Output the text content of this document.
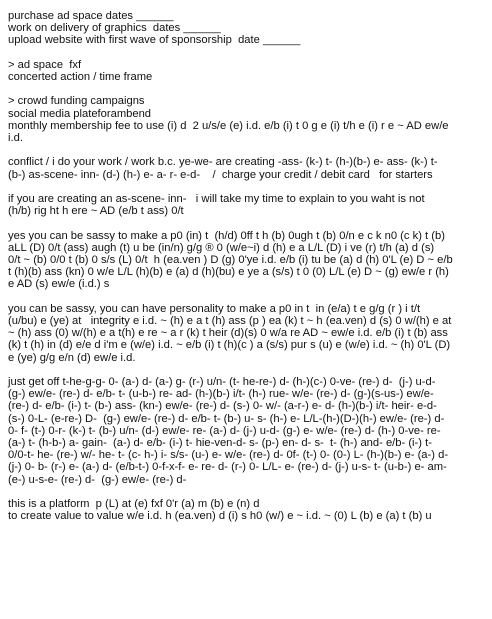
purchase ad space dates ______
work on delivery of graphics  dates ______
upload website with first wave of sponsorship  date ______
> ad space  fxf
concerted action / time frame
> crowd funding campaigns
social media plateforambend
monthly membership fee to use (i) d  2 u/s/e (e) i.d. e/b (i) t 0 g e (i) t/h e (i) r e ~ AD ew/e
i.d.
conflict / i do your work / work b.c. ye-we- are creating -ass- (k-) t- (h-)(b-) e- ass- (k-) t-
(b-) as-scene- inn- (d-) (h-) e- a- r- e-d-    /  charge your credit / debit card   for starters
if you are creating an as-scene- inn-   i will take my time to explain to you waht is not
(h/b) rig ht h ere ~ AD (e/b t ass) 0/t
yes you can be sassy to make a p0 (in) t  (h/d) 0ff t h (b) 0ugh t (b) 0/n e c k n0 (c k) t (b)
aLL (D) 0/t (ass) augh (t) u be (in/n) g/g ® 0 (w/e~i) d (h) e a L/L (D) i ve (r) t/h (a) d (s)
0/t ~ (b) 0/0 t (b) 0 s/s (L) 0/t  h (ea.ven ) D (g) 0'ye i.d. e/b (i) tu be (a) d (h) 0'L (e) D ~ e/b
t (h)(b) ass (kn) 0 w/e L/L (h)(b) e (a) d (h)(bu) e ye a (s/s) t 0 (0) L/L (e) D ~ (g) ew/e r (h)
e AD (s) ew/e (i.d.) s
you can be sassy, you can have personality to make a p0 in t  in (e/a) t e g/g (r ) i t/t
(u/bu) e (ye) at   integrity e i.d. ~ (h) e a t (h) ass (p ) ea (k) t ~ h (ea.ven) d (s) 0 w/(h) e at
~ (h) ass (0) w/(h) e a t(h) e re ~ a r (k) t heir (d)(s) 0 w/a re AD ~ ew/e i.d. e/b (i) t (b) ass
(k) t (h) in (d) e/e d i'm e (w/e) i.d. ~ e/b (i) t (h)(c ) a (s/s) pur s (u) e (w/e) i.d. ~ (h) 0'L (D)
e (ye) g/g e/n (d) ew/e i.d.
just get off t-he-g-g- 0- (a-) d- (a-) g- (r-) u/n- (t- he-re-) d- (h-)(c-) 0-ve- (re-) d-  (j-) u-d-
(g-) ew/e- (re-) d- e/b- t- (u-b-) re- ad- (h-)(b-) i/t- (h-) rue- w/e- (re-) d- (g-)(s-us-) ew/e-
(re-) d- e/b- (i-) t- (b-) ass- (kn-) ew/e- (re-) d- (s-) 0- w/- (a-r-) e- d- (h-)(b-) i/t- heir- e-d-
(s-) 0-L- (e-re-) D-  (g-) ew/e- (re-) d- e/b- t- (b-) u- s- (h-) e- L/L-(h-)(D-)(h-) ew/e- (re-) d-
0- f- (t-) 0-r- (k-) t- (b-) u/n- (d-) ew/e- re- (a-) d- (j-) u-d- (g-) e- w/e- (re-) d- (h-) 0-ve- re-
(a-) t- (h-b-) a- gain-  (a-) d- e/b- (i-) t- hie-ven-d- s- (p-) en- d- s-  t- (h-) and- e/b- (i-) t-
0/0-t- he- (re-) w/- he- t- (c- h-) i- s/s- (u-) e- w/e- (re-) d- 0f- (t-) 0- (0-) L- (h-)(b-) e- (a-) d-
(j-) 0- b- (r-) e- (a-) d- (e/b-t-) 0-f-x-f- e- re- d- (r-) 0- L/L- e- (re-) d- (j-) u-s- t- (u-b-) e- am-
(e-) u-s-e- (re-) d-  (g-) ew/e- (re-) d-
this is a platform  p (L) at (e) fxf 0'r (a) m (b) e (n) d
to create value to value w/e i.d. h (ea.ven) d (i) s h0 (w/) e ~ i.d. ~ (0) L (b) e (a) t (b) u
